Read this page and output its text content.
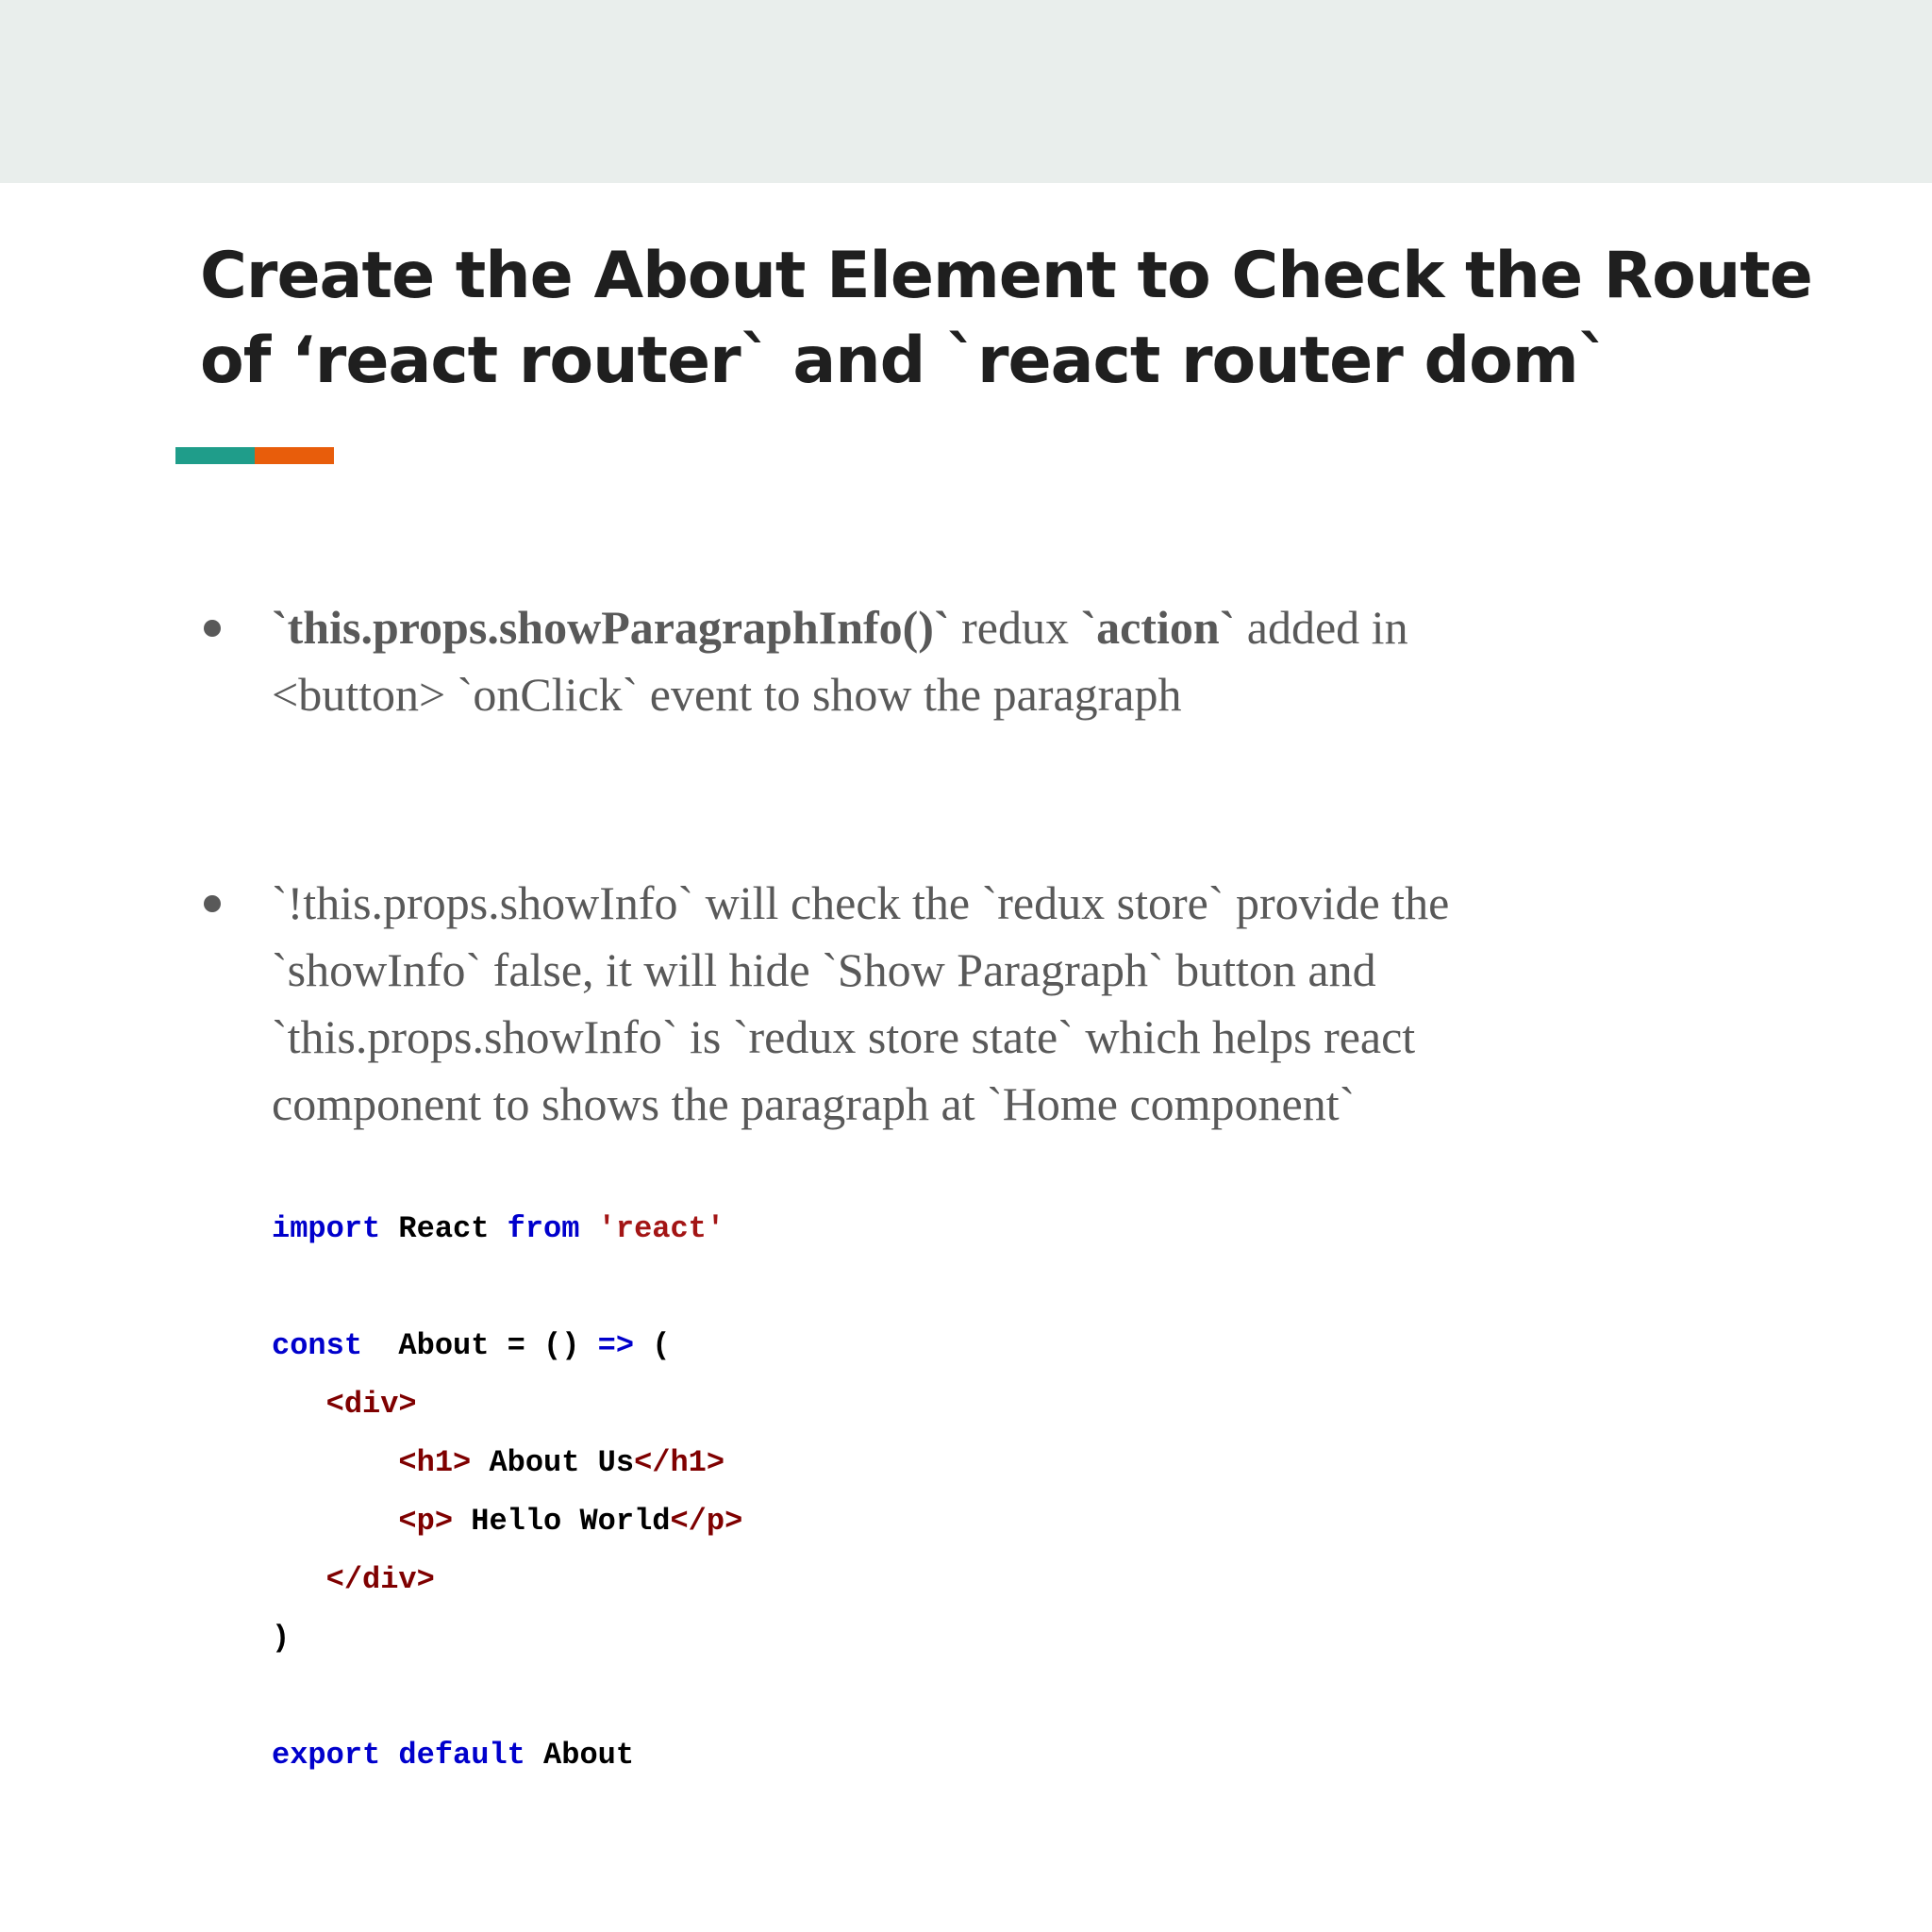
Create the About Element to Check the Route
of ‘react router` and `react router dom`
`this.props.showParagraphInfo()` redux `action` added in
<button> `onClick` event to show the paragraph
`!this.props.showInfo` will check the `redux store` provide the
`showInfo` false, it will hide `Show Paragraph` button and
`this.props.showInfo` is `redux store state` which helps react
component to shows the paragraph at `Home component`
import React from 'react'
const  About = () => (
<div>
<h1> About Us</h1>
<p> Hello World</p>
</div>
)
export default About
